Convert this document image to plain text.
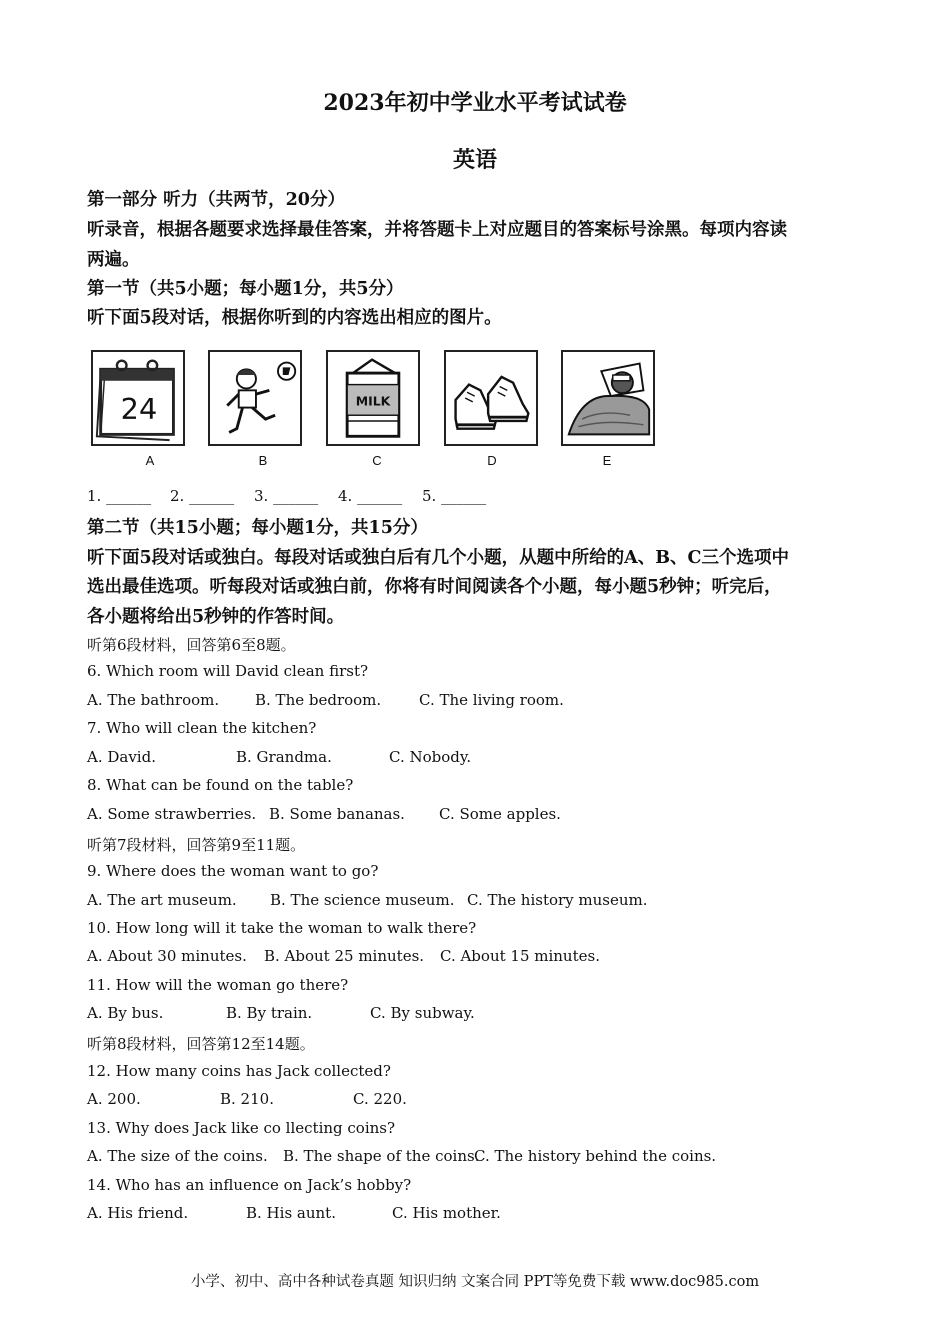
2023年初中学业水平考试试卷
英语
第一部分 听力（共两节，20分）
听录音，根据各题要求选择最佳答案，并将答题卡上对应题目的答案标号涂黑。每项内容读
两遍。
第一节（共5小题；每小题1分，共5分）
听下面5段对话，根据你听到的内容选出相应的图片。
24	MILK
A	B	C	D	E
1. ______ 2. ______ 3. ______ 4. ______ 5. ______
第二节（共15小题；每小题1分，共15分）
听下面5段对话或独白。每段对话或独白后有几个小题，从题中所给的A、B、C三个选项中
选出最佳选项。听每段对话或独白前，你将有时间阅读各个小题，每小题5秒钟；听完后，
各小题将给出5秒钟的作答时间。
听第6段材料，回答第6至8题。
6. Which room will David clean first?
A. The bathroom. B. The bedroom.	C. The living room.
7. Who will clean the kitchen?
A. David.	B. Grandma.	C. Nobody.
8. What can be found on the table?
A. Some strawberries. B. Some bananas. C. Some apples.
听第7段材料，回答第9至11题。
9. Where does the woman want to go?
A. The art museum. B. The science museum. C. The history museum.
10. How long will it take the woman to walk there?
A. About 30 minutes. B. About 25 minutes. C. About 15 minutes.
11. How will the woman go there?
A. By bus.	B. By train.	C. By subway.
听第8段材料，回答第12至14题。
12. How many coins has Jack collected?
A. 200.	B. 210.	C. 220.
13. Why does Jack like co llecting coins?
A. The size of the coins. B. The shape of the coins.
C. The history behind the coins.
14. Who has an influence on Jack’s hobby?
A. His friend.	B. His aunt.	C. His mother.
小学、初中、高中各种试卷真题 知识归纳 文案合同 PPT等免费下载 www.doc985.com
